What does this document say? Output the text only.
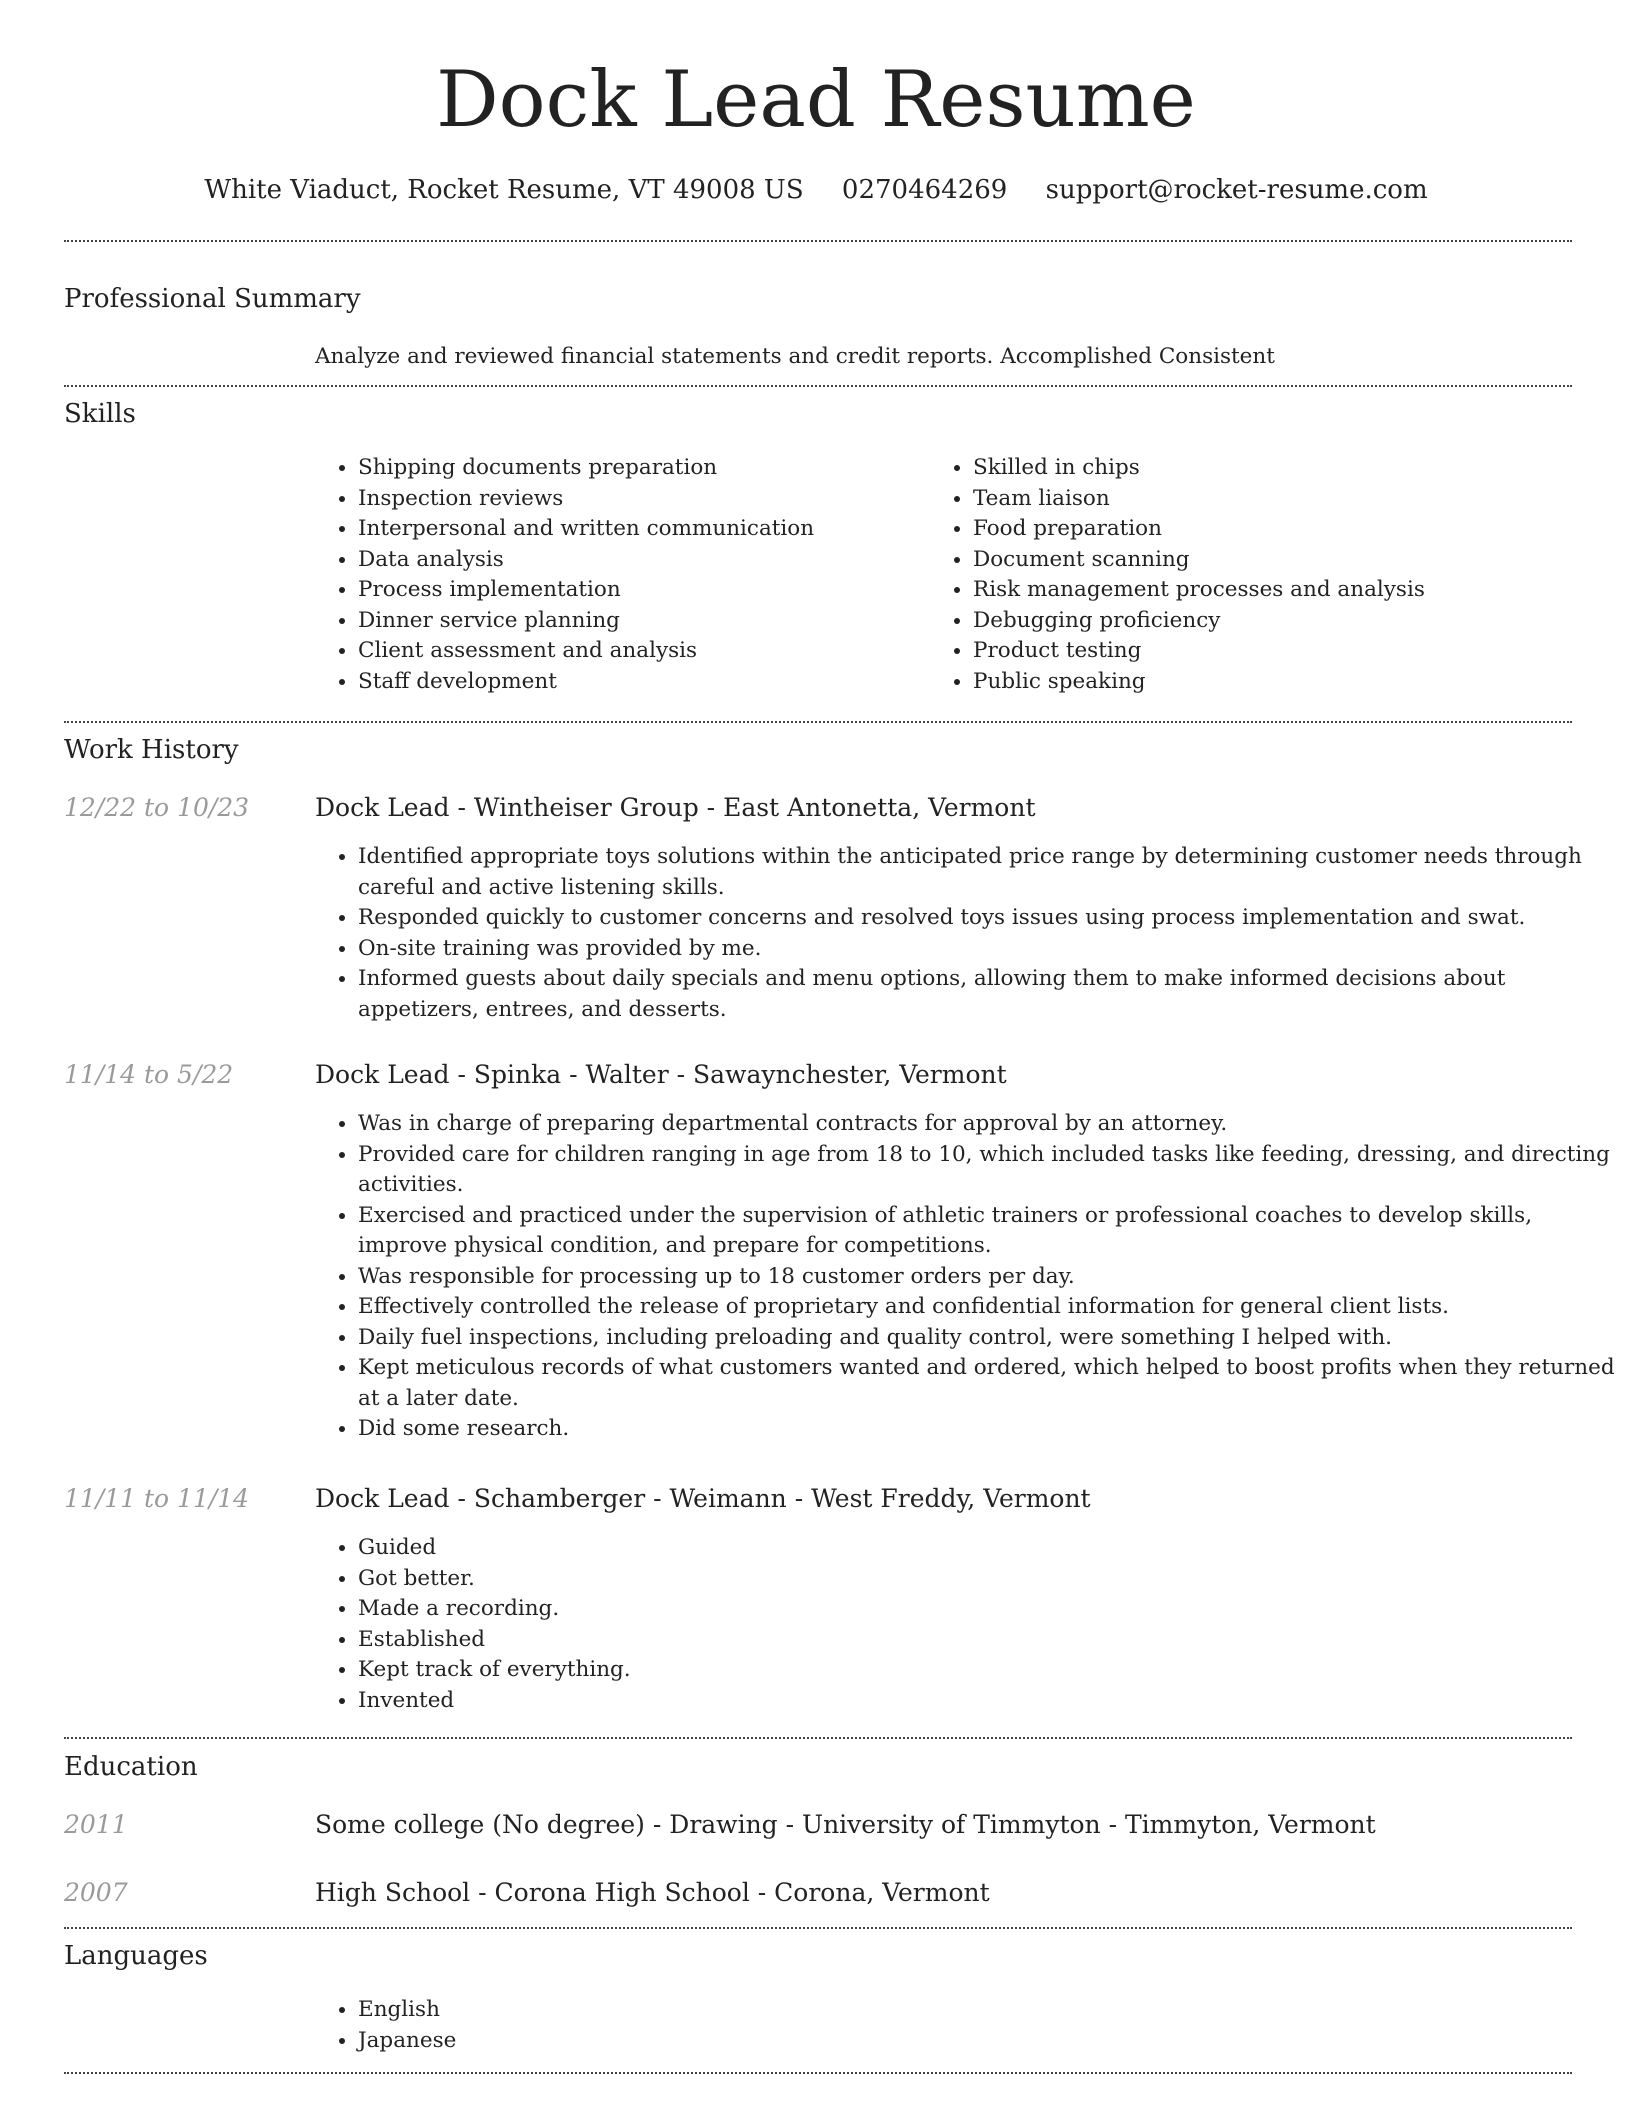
Dock Lead Resume
White Viaduct, Rocket Resume, VT 49008 US 0270464269 support@rocket-resume.com
Professional Summary
Analyze and reviewed financial statements and credit reports. Accomplished Consistent
Skills
• Shipping documents preparation
• Inspection reviews
• Interpersonal and written communication
• Data analysis
• Process implementation
• Dinner service planning
• Client assessment and analysis
• Staff development
• Skilled in chips
• Team liaison
• Food preparation
• Document scanning
• Risk management processes and analysis
• Debugging proficiency
• Product testing
• Public speaking
Work History
12/22 to 10/23	Dock Lead - Wintheiser Group - East Antonetta, Vermont
• Identified appropriate toys solutions within the anticipated price range by determining customer needs through careful and active listening skills.
• Responded quickly to customer concerns and resolved toys issues using process implementation and swat.
• On-site training was provided by me.
• Informed guests about daily specials and menu options, allowing them to make informed decisions about appetizers, entrees, and desserts.
11/14 to 5/22	Dock Lead - Spinka - Walter - Sawaynchester, Vermont
• Was in charge of preparing departmental contracts for approval by an attorney.
• Provided care for children ranging in age from 18 to 10, which included tasks like feeding, dressing, and directing activities.
• Exercised and practiced under the supervision of athletic trainers or professional coaches to develop skills, improve physical condition, and prepare for competitions.
• Was responsible for processing up to 18 customer orders per day.
• Effectively controlled the release of proprietary and confidential information for general client lists.
• Daily fuel inspections, including preloading and quality control, were something I helped with.
• Kept meticulous records of what customers wanted and ordered, which helped to boost profits when they returned at a later date.
• Did some research.
11/11 to 11/14	Dock Lead - Schamberger - Weimann - West Freddy, Vermont
• Guided
• Got better.
• Made a recording.
• Established
• Kept track of everything.
• Invented
Education
2011	Some college (No degree) - Drawing - University of Timmyton - Timmyton, Vermont
2007	High School - Corona High School - Corona, Vermont
Languages
• English
• Japanese
